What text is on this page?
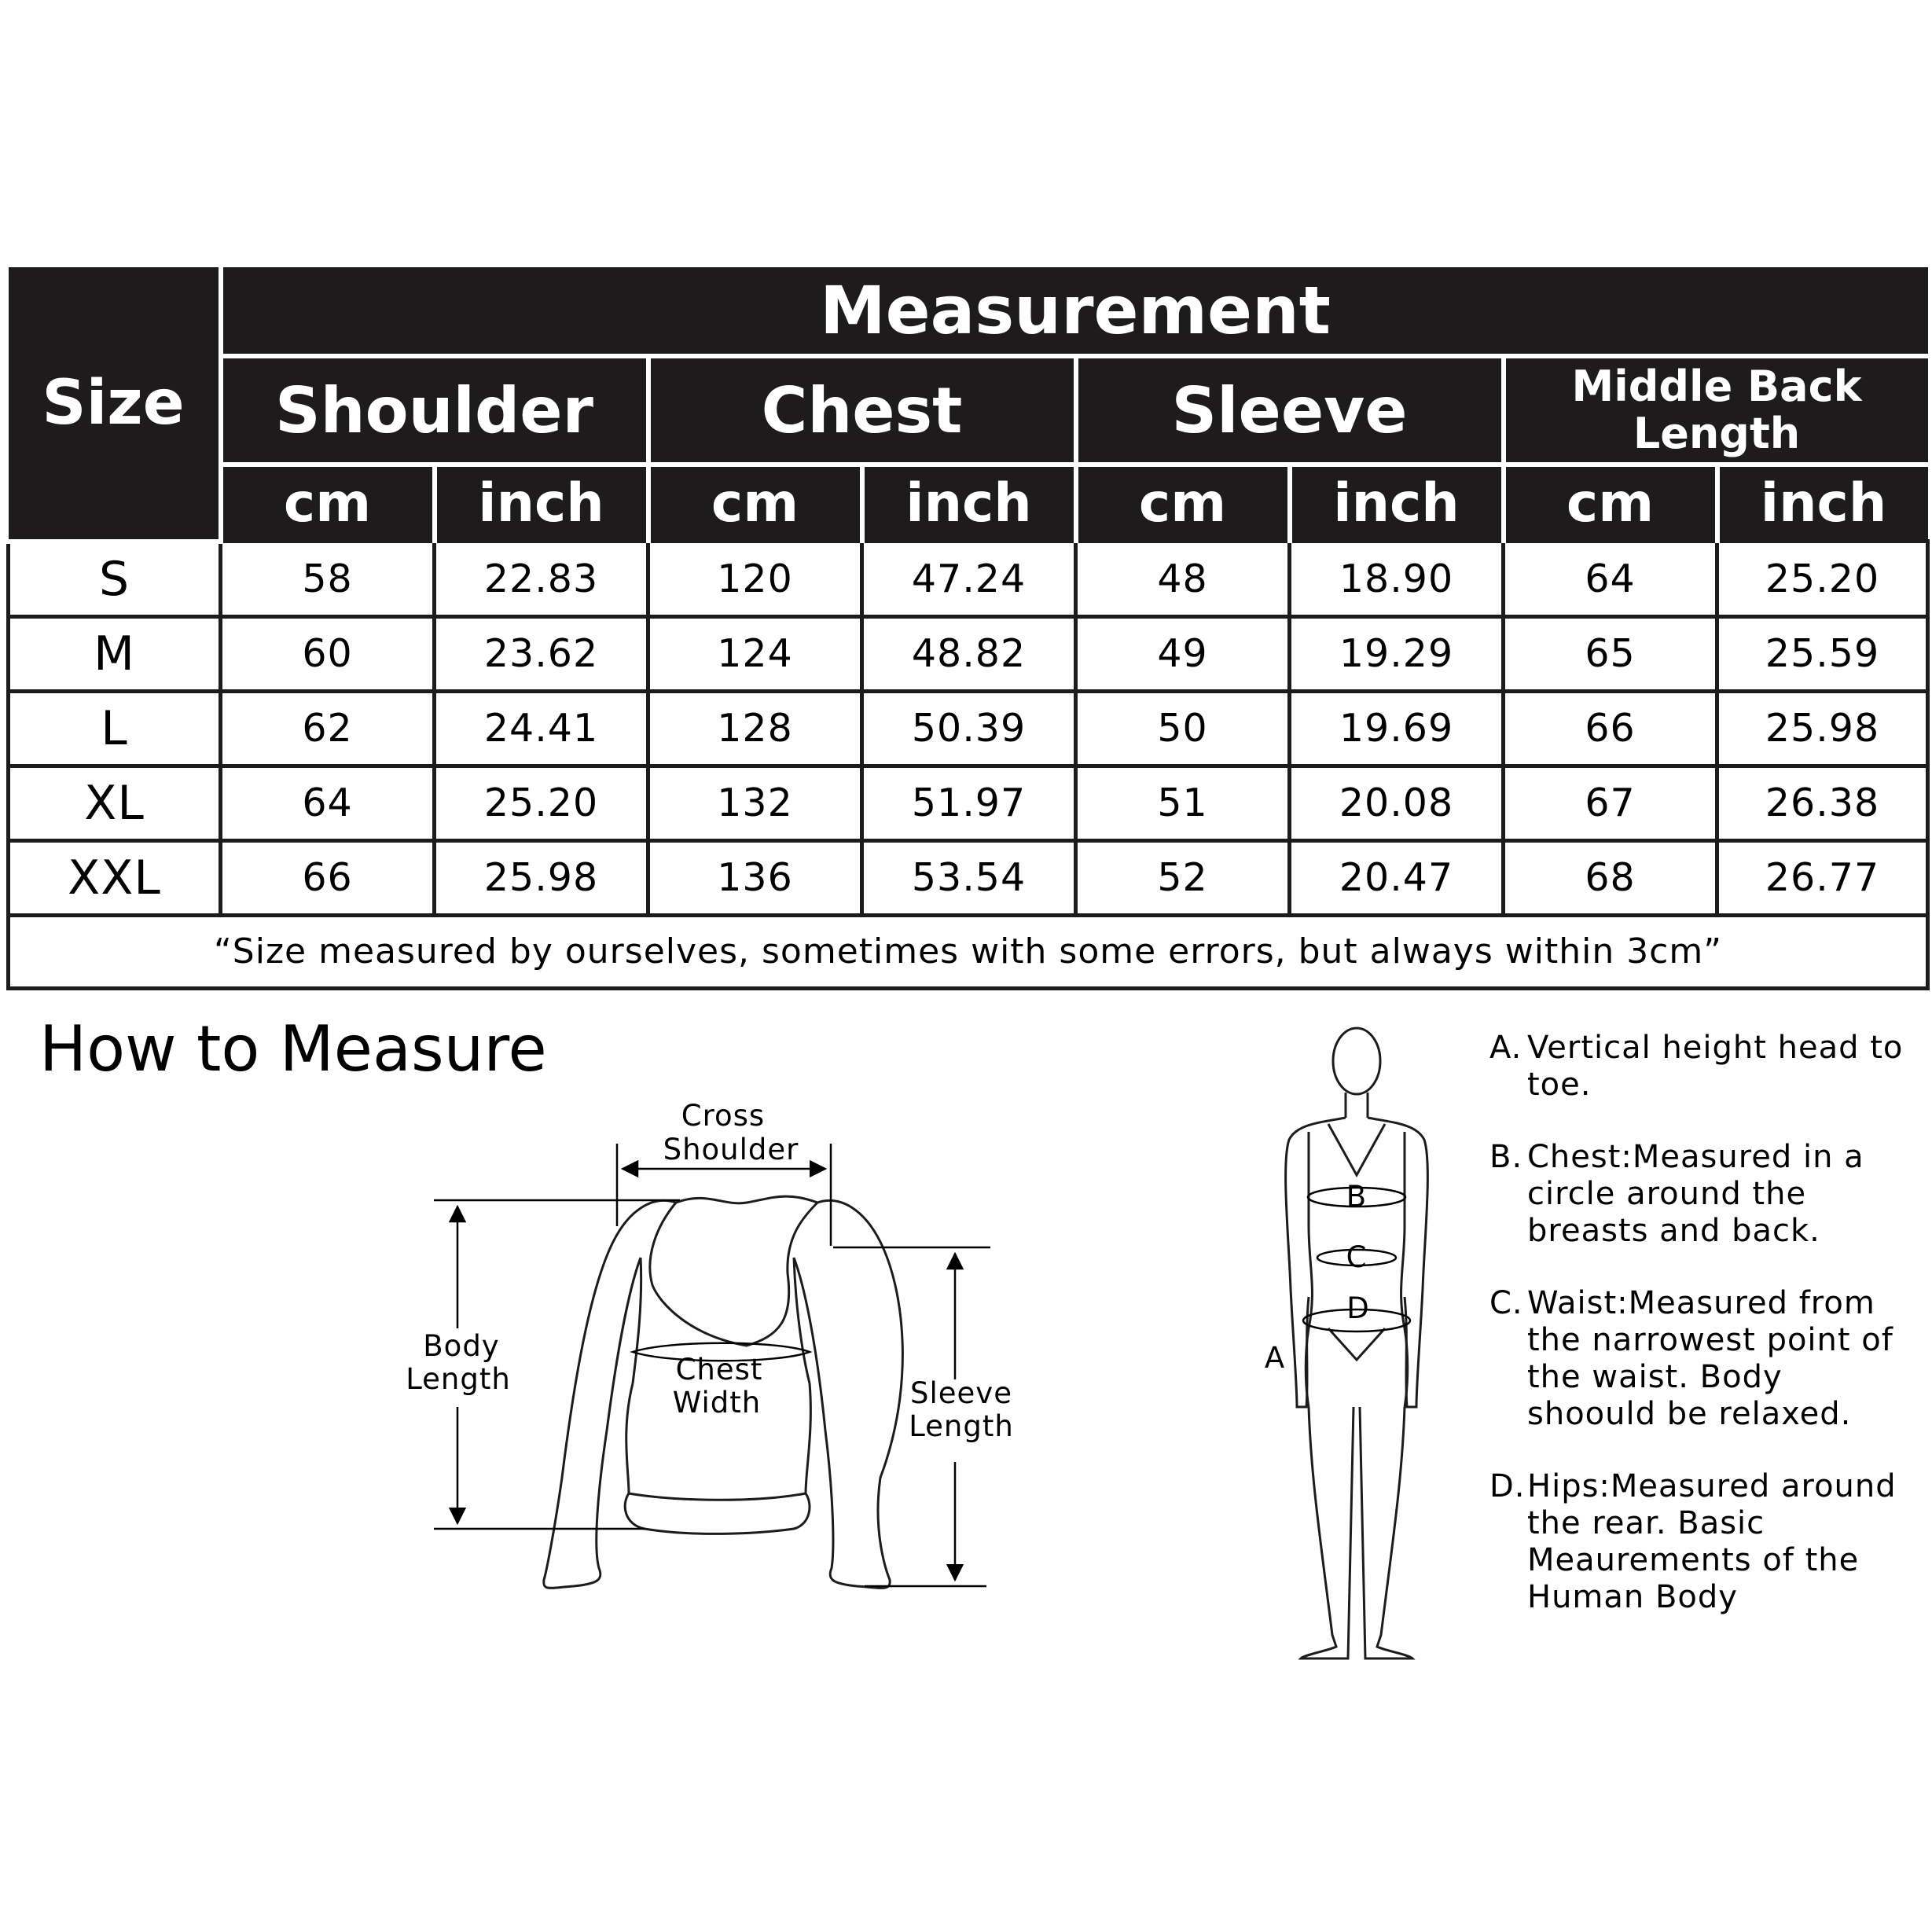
Size	Measurement							
	Shoulder		Chest		Sleeve		Middle Back Length	
	cm	inch	cm	inch	cm	inch	cm	inch
S	58	22.83	120	47.24	48	18.90	64	25.20
M	60	23.62	124	48.82	49	19.29	65	25.59
L	62	24.41	128	50.39	50	19.69	66	25.98
XL	64	25.20	132	51.97	51	20.08	67	26.38
XXL	66	25.98	136	53.54	52	20.47	68	26.77
“Size measured by ourselves, sometimes with some errors, but always within 3cm”								
How to Measure
Cross
Shoulder
Body
Length	Chest
Width	Sleeve
Length
B
C
D
A
A. Vertical height head to toe.
B. Chest:Measured in a circle around the breasts and back.
C. Waist:Measured from the narrowest point of the waist. Body shoould be relaxed.
D. Hips:Measured around the rear. Basic Meaurements of the Human Body
